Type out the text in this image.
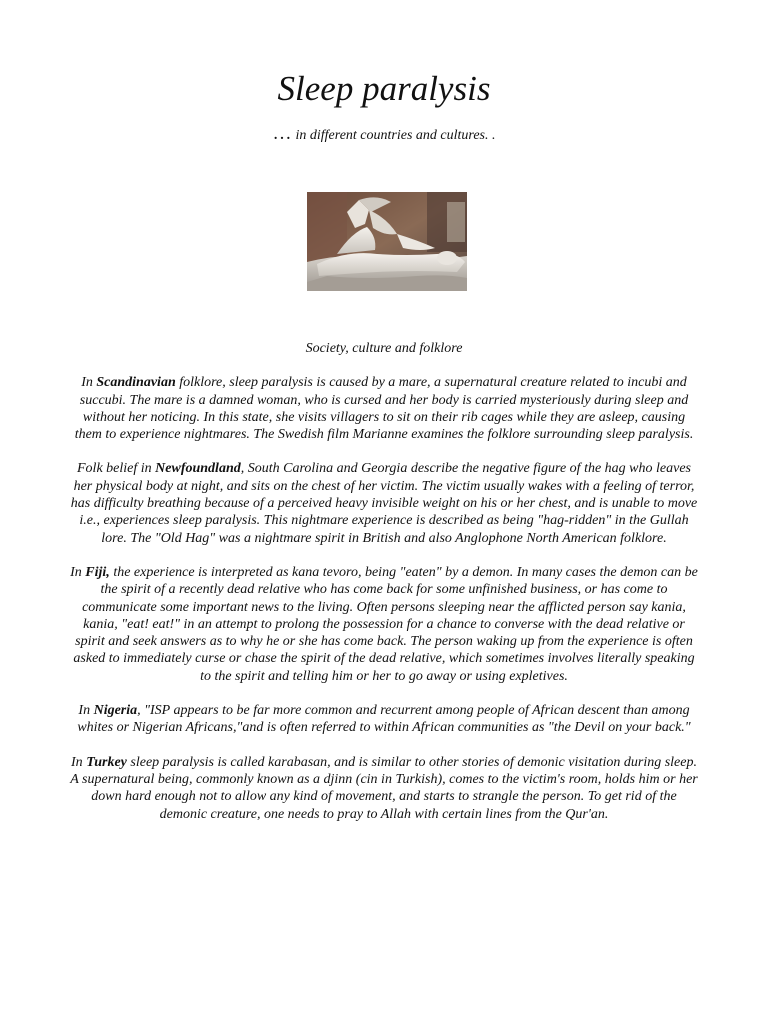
Sleep paralysis
… in different countries and cultures. .

Society, culture and folklore

In Scandinavian folklore, sleep paralysis is caused by a mare, a supernatural creature related to incubi and succubi. The mare is a damned woman, who is cursed and her body is carried mysteriously during sleep and without her noticing. In this state, she visits villagers to sit on their rib cages while they are asleep, causing them to experience nightmares. The Swedish film Marianne examines the folklore surrounding sleep paralysis.

Folk belief in Newfoundland, South Carolina and Georgia describe the negative figure of the hag who leaves her physical body at night, and sits on the chest of her victim. The victim usually wakes with a feeling of terror, has difficulty breathing because of a perceived heavy invisible weight on his or her chest, and is unable to move i.e., experiences sleep paralysis. This nightmare experience is described as being "hag-ridden" in the Gullah lore. The "Old Hag" was a nightmare spirit in British and also Anglophone North American folklore.

In Fiji, the experience is interpreted as kana tevoro, being "eaten" by a demon. In many cases the demon can be the spirit of a recently dead relative who has come back for some unfinished business, or has come to communicate some important news to the living. Often persons sleeping near the afflicted person say kania, kania, "eat! eat!" in an attempt to prolong the possession for a chance to converse with the dead relative or spirit and seek answers as to why he or she has come back. The person waking up from the experience is often asked to immediately curse or chase the spirit of the dead relative, which sometimes involves literally speaking to the spirit and telling him or her to go away or using expletives.

In Nigeria, "ISP appears to be far more common and recurrent among people of African descent than among whites or Nigerian Africans,"and is often referred to within African communities as "the Devil on your back."

In Turkey sleep paralysis is called karabasan, and is similar to other stories of demonic visitation during sleep. A supernatural being, commonly known as a djinn (cin in Turkish), comes to the victim's room, holds him or her down hard enough not to allow any kind of movement, and starts to strangle the person. To get rid of the demonic creature, one needs to pray to Allah with certain lines from the Qur'an.
